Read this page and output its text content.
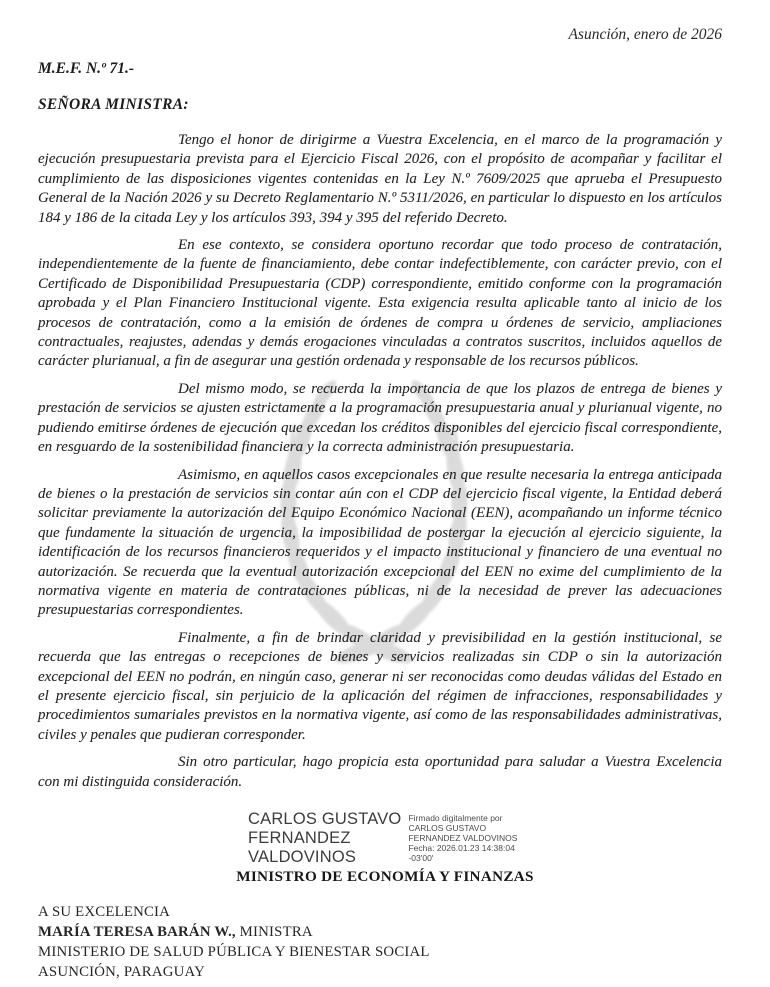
Asunción, enero de 2026
M.E.F. N.º 71.-
SEÑORA MINISTRA:

Tengo el honor de dirigirme a Vuestra Excelencia, en el marco de la programación y ejecución presupuestaria prevista para el Ejercicio Fiscal 2026, con el propósito de acompañar y facilitar el cumplimiento de las disposiciones vigentes contenidas en la Ley N.º 7609/2025 que aprueba el Presupuesto General de la Nación 2026 y su Decreto Reglamentario N.º 5311/2026, en particular lo dispuesto en los artículos 184 y 186 de la citada Ley y los artículos 393, 394 y 395 del referido Decreto.

En ese contexto, se considera oportuno recordar que todo proceso de contratación, independientemente de la fuente de financiamiento, debe contar indefectiblemente, con carácter previo, con el Certificado de Disponibilidad Presupuestaria (CDP) correspondiente, emitido conforme con la programación aprobada y el Plan Financiero Institucional vigente. Esta exigencia resulta aplicable tanto al inicio de los procesos de contratación, como a la emisión de órdenes de compra u órdenes de servicio, ampliaciones contractuales, reajustes, adendas y demás erogaciones vinculadas a contratos suscritos, incluidos aquellos de carácter plurianual, a fin de asegurar una gestión ordenada y responsable de los recursos públicos.

Del mismo modo, se recuerda la importancia de que los plazos de entrega de bienes y prestación de servicios se ajusten estrictamente a la programación presupuestaria anual y plurianual vigente, no pudiendo emitirse órdenes de ejecución que excedan los créditos disponibles del ejercicio fiscal correspondiente, en resguardo de la sostenibilidad financiera y la correcta administración presupuestaria.

Asimismo, en aquellos casos excepcionales en que resulte necesaria la entrega anticipada de bienes o la prestación de servicios sin contar aún con el CDP del ejercicio fiscal vigente, la Entidad deberá solicitar previamente la autorización del Equipo Económico Nacional (EEN), acompañando un informe técnico que fundamente la situación de urgencia, la imposibilidad de postergar la ejecución al ejercicio siguiente, la identificación de los recursos financieros requeridos y el impacto institucional y financiero de una eventual no autorización. Se recuerda que la eventual autorización excepcional del EEN no exime del cumplimiento de la normativa vigente en materia de contrataciones públicas, ni de la necesidad de prever las adecuaciones presupuestarias correspondientes.

Finalmente, a fin de brindar claridad y previsibilidad en la gestión institucional, se recuerda que las entregas o recepciones de bienes y servicios realizadas sin CDP o sin la autorización excepcional del EEN no podrán, en ningún caso, generar ni ser reconocidas como deudas válidas del Estado en el presente ejercicio fiscal, sin perjuicio de la aplicación del régimen de infracciones, responsabilidades y procedimientos sumariales previstos en la normativa vigente, así como de las responsabilidades administrativas, civiles y penales que pudieran corresponder.

Sin otro particular, hago propicia esta oportunidad para saludar a Vuestra Excelencia con mi distinguida consideración.

CARLOS GUSTAVO
FERNANDEZ
VALDOVINOS
Firmado digitalmente por
CARLOS GUSTAVO
FERNANDEZ VALDOVINOS
Fecha: 2026.01.23 14:38:04
-03'00'
MINISTRO DE ECONOMÍA Y FINANZAS
A SU EXCELENCIA
MARÍA TERESA BARÁN W., MINISTRA
MINISTERIO DE SALUD PÚBLICA Y BIENESTAR SOCIAL
ASUNCIÓN, PARAGUAY
